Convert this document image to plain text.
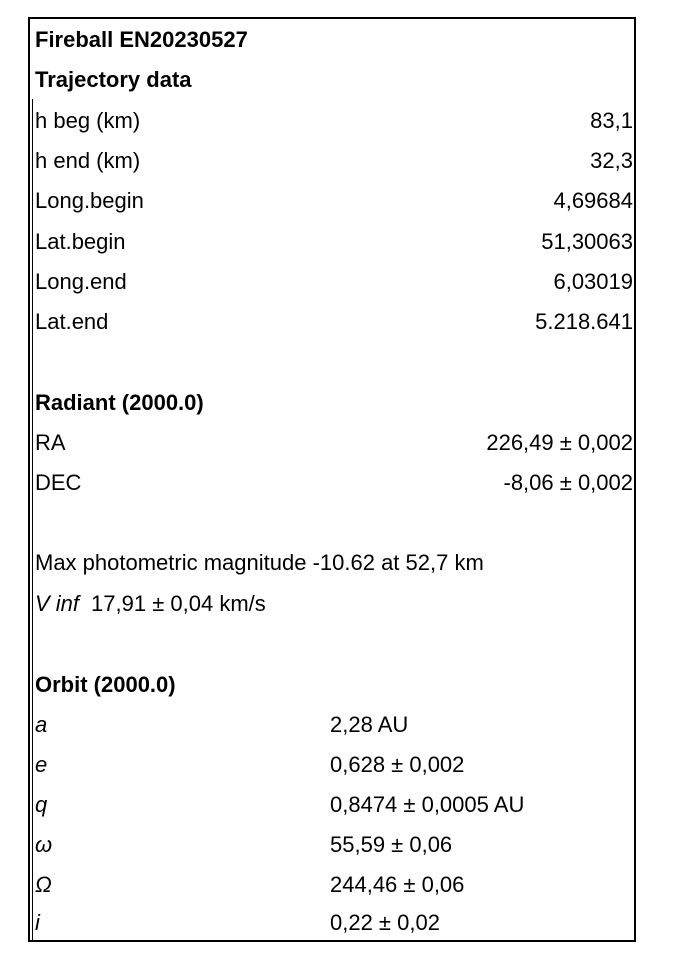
Fireball EN20230527
Trajectory data
h beg (km)	83,1
h end (km)	32,3
Long.begin	4,69684
Lat.begin	51,30063
Long.end	6,03019
Lat.end	5.218.641
Radiant (2000.0)
RA	226,49 ± 0,002
DEC	-8,06 ± 0,002
Max photometric magnitude -10.62 at 52,7 km
V inf 17,91 ± 0,04 km/s
Orbit (2000.0)
a	2,28 AU
e	0,628 ± 0,002
q	0,8474 ± 0,0005 AU
ω	55,59 ± 0,06
Ω	244,46 ± 0,06
i	0,22 ± 0,02
